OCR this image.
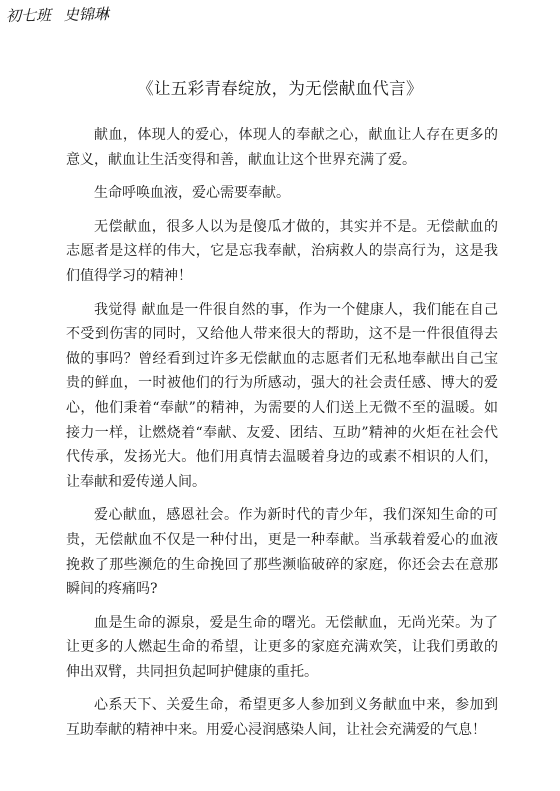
初七班 史锦琳
《让五彩青春绽放，为无偿献血代言》

献血，体现人的爱心，体现人的奉献之心，献血让人存在更多的意义，献血让生活变得和善，献血让这个世界充满了爱。

生命呼唤血液，爱心需要奉献。

无偿献血，很多人以为是傻瓜才做的，其实并不是。无偿献血的志愿者是这样的伟大，它是忘我奉献，治病救人的崇高行为，这是我们值得学习的精神！

我觉得 献血是一件很自然的事，作为一个健康人，我们能在自己不受到伤害的同时，又给他人带来很大的帮助，这不是一件很值得去做的事吗？曾经看到过许多无偿献血的志愿者们无私地奉献出自己宝贵的鲜血，一时被他们的行为所感动，强大的社会责任感、博大的爱心，他们秉着“奉献”的精神，为需要的人们送上无微不至的温暖。如接力一样，让燃烧着“奉献、友爱、团结、互助”精神的火炬在社会代代传承，发扬光大。他们用真情去温暖着身边的或素不相识的人们，让奉献和爱传递人间。

爱心献血，感恩社会。作为新时代的青少年，我们深知生命的可贵，无偿献血不仅是一种付出，更是一种奉献。当承载着爱心的血液挽救了那些濒危的生命挽回了那些濒临破碎的家庭，你还会去在意那瞬间的疼痛吗?

血是生命的源泉，爱是生命的曙光。无偿献血，无尚光荣。为了让更多的人燃起生命的希望，让更多的家庭充满欢笑，让我们勇敢的伸出双臂，共同担负起呵护健康的重托。

心系天下、关爱生命，希望更多人参加到义务献血中来，参加到互助奉献的精神中来。用爱心浸润感染人间，让社会充满爱的气息！
